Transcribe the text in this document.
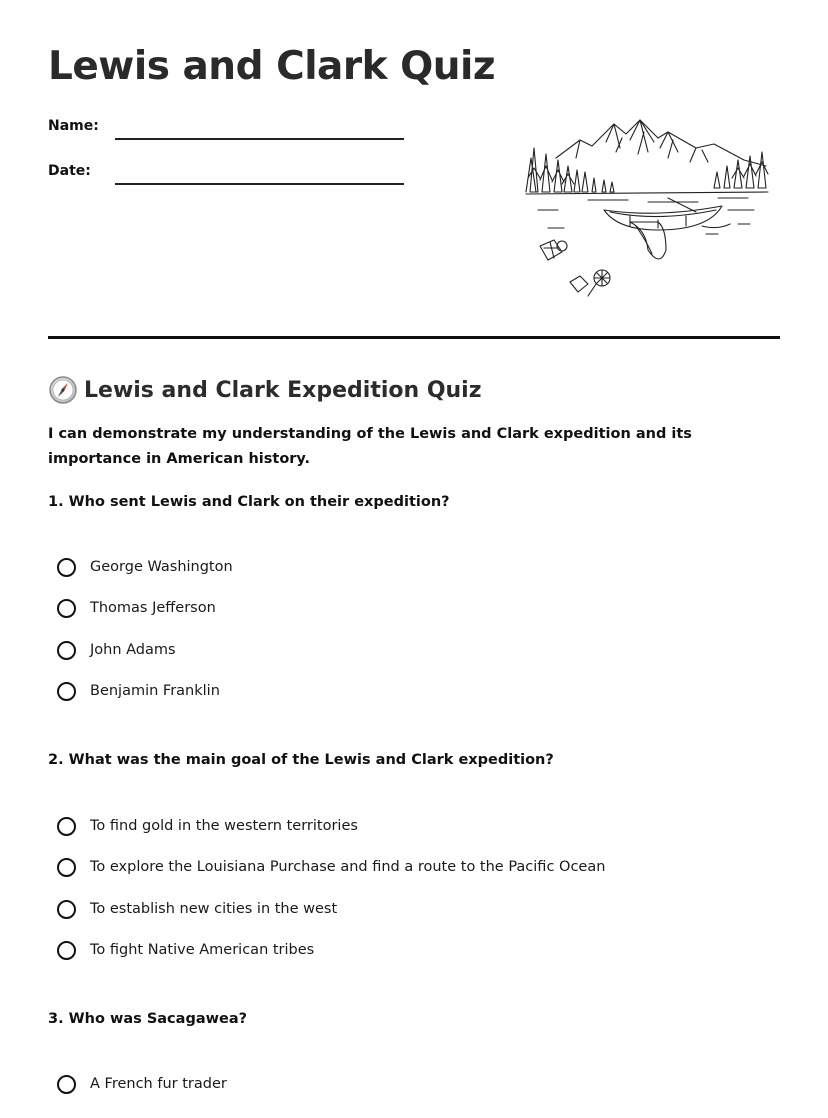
Lewis and Clark Quiz
Name:
Date:
Lewis and Clark Expedition Quiz

I can demonstrate my understanding of the Lewis and Clark expedition and its importance in American history.

1. Who sent Lewis and Clark on their expedition?

George Washington
Thomas Jefferson
John Adams
Benjamin Franklin

2. What was the main goal of the Lewis and Clark expedition?

To find gold in the western territories
To explore the Louisiana Purchase and find a route to the Pacific Ocean
To establish new cities in the west
To fight Native American tribes

3. Who was Sacagawea?

A French fur trader
